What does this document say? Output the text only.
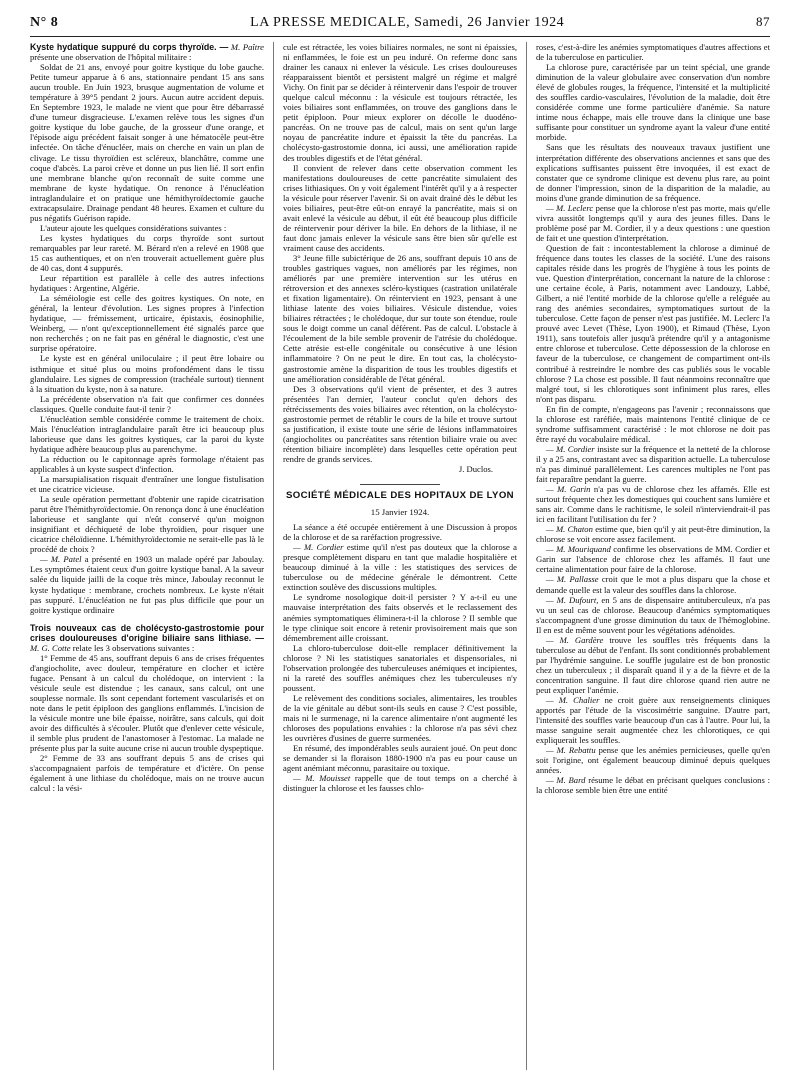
N° 8	LA PRESSE MEDICALE, Samedi, 26 Janvier 1924	87

Kyste hydatique suppuré du corps thyroïde. — M. Paître présente une observation de l'hôpital militaire :

Soldat de 21 ans, envoyé pour goitre kystique du lobe gauche. Petite tumeur apparue à 6 ans, stationnaire pendant 15 ans sans aucun trouble. En Juin 1923, brusque augmentation de volume et température à 39°5 pendant 2 jours. Aucun autre accident depuis. En Septembre 1923, le malade ne vient que pour être débarrassé d'une tumeur disgracieuse. L'examen relève tous les signes d'un goitre kystique du lobe gauche, de la grosseur d'une orange, et l'épisode aigu précédent faisait songer à une hématocèle peut-être infectée. On tâche d'énucléer, mais on cherche en vain un plan de clivage. Le tissu thyroïdien est scléreux, blanchâtre, comme une coque d'abcès. La paroi crève et donne un pus lien lié. Il sort enfin une membrane blanche qu'on reconnaît de suite comme une membrane de kyste hydatique. On renonce à l'énucléation intraglandulaire et on pratique une hémithyroïdectomie gauche extracapsulaire. Drainage pendant 48 heures. Examen et culture du pus négatifs Guérison rapide.

L'auteur ajoute les quelques considérations suivantes :

Les kystes hydatiques du corps thyroïde sont surtout remarquables par leur rareté. M. Bérard n'en a relevé en 1908 que 15 cas authentiques, et on n'en trouverait actuellement guère plus de 40 cas, dont 4 suppurés.

Leur répartition est parallèle à celle des autres infections hydatiques : Argentine, Algérie.

La séméiologie est celle des goitres kystiques. On note, en général, la lenteur d'évolution. Les signes propres à l'infection hydatique, — frémissement, urticaire, épistaxis, éosinophilie, Weinberg, — n'ont qu'exceptionnellement été signalés parce que non recherchés ; on ne fait pas en général le diagnostic, c'est une surprise opératoire.

Le kyste est en général uniloculaire ; il peut être lobaire ou isthmique et situé plus ou moins profondément dans le tissu glandulaire. Les signes de compression (trachéale surtout) tiennent à la situation du kyste, non à sa nature.

La précédente observation n'a fait que confirmer ces données classiques. Quelle conduite faut-il tenir ?

L'énucléation semble considérée comme le traitement de choix. Mais l'énucléation intraglandulaire paraît être ici beaucoup plus laborieuse que dans les goitres kystiques, car la paroi du kyste hydatique adhère beaucoup plus au parenchyme.

La réduction ou le capitonnage après formolage n'étaient pas applicables à un kyste suspect d'infection.

La marsupialisation risquait d'entraîner une longue fistulisation et une cicatrice vicieuse.

La seule opération permettant d'obtenir une rapide cicatrisation parut être l'hémithyroïdectomie. On renonça donc à une énucléation laborieuse et sanglante qui n'eût conservé qu'un moignon insignifiant et déchiqueté de lobe thyroïdien, pour risquer une cicatrice chéloïdienne. L'hémithyroïdectomie ne serait-elle pas là le procédé de choix ?

— M. Patel a présenté en 1903 un malade opéré par Jaboulay. Les symptômes étaient ceux d'un goitre kystique banal. A la saveur salée du liquide jailli de la coque très mince, Jaboulay reconnut le kyste hydatique : membrane, crochets nombreux. Le kyste n'était pas suppuré. L'énucléation ne fut pas plus difficile que pour un goitre kystique ordinaire

Trois nouveaux cas de cholécysto-gastrostomie pour crises douloureuses d'origine biliaire sans lithiase. — M. G. Cotte relate les 3 observations suivantes :

1° Femme de 45 ans, souffrant depuis 6 ans de crises fréquentes d'angiocholite, avec douleur, température en clocher et ictère fugace. Pensant à un calcul du cholédoque, on intervient : la vésicule seule est distendue ; les canaux, sans calcul, ont une souplesse normale. Ils sont cependant fortement vascularisés et on note dans le petit épiploon des ganglions enflammés. L'incision de la vésicule montre une bile épaisse, noirâtre, sans calculs, qui doit avoir des difficultés à s'écouler. Plutôt que d'enlever cette vésicule, il semble plus prudent de l'anastomoser à l'estomac. La malade ne présente plus par la suite aucune crise ni aucun trouble dyspeptique.

2° Femme de 33 ans souffrant depuis 5 ans de crises qui s'accompagnaient parfois de température et d'ictère. On pense également à une lithiase du cholédoque, mais on ne trouve aucun calcul : la vési-

cule est rétractée, les voies biliaires normales, ne sont ni épaissies, ni enflammées, le foie est un peu induré. On referme donc sans drainer les canaux ni enlever la vésicule. Les crises douloureuses réapparaissent bientôt et persistent malgré un régime et malgré Vichy. On finit par se décider à réintervenir dans l'espoir de trouver quelque calcul méconnu : la vésicule est toujours rétractée, les voies biliaires sont enflammées, on trouve des ganglions dans le petit épiploon. Pour mieux explorer on décolle le duodéno-pancréas. On ne trouve pas de calcul, mais on sent qu'un large noyau de pancréatite indure et épaissit la tête du pancréas. La cholécysto-gastrostomie donna, ici aussi, une amélioration rapide des troubles digestifs et de l'état général.

Il convient de relever dans cette observation comment les manifestations douloureuses de cette pancréatite simulaient des crises lithiasiques. On y voit également l'intérêt qu'il y a à respecter la vésicule pour réserver l'avenir. Si on avait drainé dès le début les voies biliaires, peut-être eût-on enrayé la pancréatite, mais si on avait enlevé la vésicule au début, il eût été beaucoup plus difficile de réintervenir pour dériver la bile. En dehors de la lithiase, il ne faut donc jamais enlever la vésicule sans être bien sûr qu'elle est vraiment cause des accidents.

3° Jeune fille subictérique de 26 ans, souffrant depuis 10 ans de troubles gastriques vagues, non améliorés par les régimes, non améliorés par une première intervention sur les utérus en rétroversion et des annexes scléro-kystiques (castration unilatérale et fixation ligamentaire). On réintervient en 1923, pensant à une lithiase latente des voies biliaires. Vésicule distendue, voies biliaires rétractées ; le cholédoque, dur sur toute son étendue, roule sous le doigt comme un canal déférent. Pas de calcul. L'obstacle à l'écoulement de la bile semble provenir de l'atrésie du cholédoque. Cette atrésie est-elle congénitale ou consécutive à une lésion inflammatoire ? On ne peut le dire. En tout cas, la cholécysto-gastrostomie amène la disparition de tous les troubles digestifs et une amélioration considérable de l'état général.

Des 3 observations qu'il vient de présenter, et des 3 autres présentées l'an dernier, l'auteur conclut qu'en dehors des rétrécissements des voies biliaires avec rétention, on la cholécysto-gastrostomie permet de rétablir le cours de la bile et trouve surtout sa justification, il existe toute une série de lésions inflammatoires (angiocholites ou pancréatites sans rétention biliaire vraie ou avec rétention biliaire incomplète) dans lesquelles cette opération peut rendre de grands services.

J. Duclos.

SOCIÉTÉ MÉDICALE DES HOPITAUX DE LYON
15 Janvier 1924.

La séance a été occupée entièrement à une Discussion à propos de la chlorose et de sa raréfaction progressive.

— M. Cordier estime qu'il n'est pas douteux que la chlorose a presque complètement disparu en tant que maladie hospitalière et beaucoup diminué à la ville : les statistiques des services de tuberculose ou de médecine générale le démontrent. Cette extinction soulève des discussions multiples.

Le syndrome nosologique doit-il persister ? Y a-t-il eu une mauvaise interprétation des faits observés et le reclassement des anémies symptomatiques éliminera-t-il la chlorose ? Il semble que le type clinique soit encore à retenir provisoirement mais que son démembrement aille croissant.

La chloro-tuberculose doit-elle remplacer définitivement la chlorose ? Ni les statistiques sanatoriales et dispensoriales, ni l'observation prolongée des tuberculeuses anémiques et incipientes, ni la rareté des souffles anémiques chez les tuberculeuses n'y poussent.

Le relèvement des conditions sociales, alimentaires, les troubles de la vie génitale au début sont-ils seuls en cause ? C'est possible, mais ni le surmenage, ni la carence alimentaire n'ont augmenté les chloroses des populations envahies : la chlorose n'a pas sévi chez les ouvrières d'usines de guerre surmenées.

En résumé, des impondérables seuls auraient joué. On peut donc se demander si la floraison 1880-1900 n'a pas eu pour cause un agent anémiant méconnu, parasitaire ou toxique.

— M. Mouisset rappelle que de tout temps on a cherché à distinguer la chlorose et les fausses chlo-

roses, c'est-à-dire les anémies symptomatiques d'autres affections et de la tuberculose en particulier.

La chlorose pure, caractérisée par un teint spécial, une grande diminution de la valeur globulaire avec conservation d'un nombre élevé de globules rouges, la fréquence, l'intensité et la multiplicité des souffles cardio-vasculaires, l'évolution de la maladie, doit être considérée comme une forme particulière d'anémie. Sa nature intime nous échappe, mais elle trouve dans la clinique une base suffisante pour constituer un syndrome ayant la valeur d'une entité morbide.

Sans que les résultats des nouveaux travaux justifient une interprétation différente des observations anciennes et sans que des explications suffisantes puissent être invoquées, il est exact de constater que ce syndrome clinique est devenu plus rare, au point de donner l'impression, sinon de la disparition de la maladie, au moins d'une grande diminution de sa fréquence.

— M. Leclerc pense que la chlorose n'est pas morte, mais qu'elle vivra aussitôt longtemps qu'il y aura des jeunes filles. Dans le problème posé par M. Cordier, il y a deux questions : une question de fait et une question d'interprétation.

Question de fait : incontestablement la chlorose a diminué de fréquence dans toutes les classes de la société. L'une des raisons capitales réside dans les progrès de l'hygiène à tous les points de vue. Question d'interprétation, concernant la nature de la chlorose : une certaine école, à Paris, notamment avec Landouzy, Labbé, Gilbert, a nié l'entité morbide de la chlorose qu'elle a reléguée au rang des anémies secondaires, symptomatiques surtout de la tuberculose. Cette façon de penser n'est pas justifiée. M. Leclerc l'a prouvé avec Levet (Thèse, Lyon 1900), et Rimaud (Thèse, Lyon 1911), sans toutefois aller jusqu'à prétendre qu'il y a antagonisme entre chlorose et tuberculose. Cette dépossession de la chlorose en faveur de la tuberculose, ce changement de compartiment ont-ils contribué à restreindre le nombre des cas publiés sous le vocable chlorose ? La chose est possible. Il faut néanmoins reconnaître que malgré tout, si les chlorotiques sont infiniment plus rares, elles n'ont pas disparu.

En fin de compte, n'engageons pas l'avenir ; reconnaissons que la chlorose est raréfiée, mais maintenons l'entité clinique de ce syndrome suffisamment caractérisé : le mot chlorose ne doit pas être rayé du vocabulaire médical.

— M. Cordier insiste sur la fréquence et la netteté de la chlorose il y a 25 ans, contrastant avec sa disparition actuelle. La tuberculose n'a pas diminué parallèlement. Les carences multiples ne l'ont pas fait reparaître pendant la guerre.

— M. Garin n'a pas vu de chlorose chez les affamés. Elle est surtout fréquente chez les domestiques qui couchent sans lumière et sans air. Comme dans le rachitisme, le soleil n'interviendrait-il pas ici en facilitant l'utilisation du fer ?

— M. Chaton estime que, bien qu'il y ait peut-être diminution, la chlorose se voit encore assez facilement.

— M. Mouriquand confirme les observations de MM. Cordier et Garin sur l'absence de chlorose chez les affamés. Il faut une certaine alimentation pour faire de la chlorose.

— M. Pallasse croit que le mot a plus disparu que la chose et demande quelle est la valeur des souffles dans la chlorose.

— M. Dufourt, en 5 ans de dispensaire antituberculeux, n'a pas vu un seul cas de chlorose. Beaucoup d'anémics symptomatiques s'accompagnent d'une grosse diminution du taux de l'hémoglobine. Il en est de même souvent pour les végétations adénoïdes.

— M. Gardère trouve les souffles très fréquents dans la tuberculose au début de l'enfant. Ils sont conditionnés probablement par l'hydrémie sanguine. Le souffle jugulaire est de bon pronostic chez un tuberculeux ; il disparaît quand il y a de la fièvre et de la concentration sanguine. Il faut dire chlorose quand rien autre ne peut expliquer l'anémie.

— M. Chalier ne croit guère aux renseignements cliniques apportés par l'étude de la viscosimétrie sanguine. D'autre part, l'intensité des souffles varie beaucoup d'un cas à l'autre. Pour lui, la masse sanguine serait augmentée chez les chlorotiques, ce qui expliquerait les souffles.

— M. Rebattu pense que les anémies pernicieuses, quelle qu'en soit l'origine, ont également beaucoup diminué depuis quelques années.

— M. Bard résume le débat en précisant quelques conclusions : la chlorose semble bien être une entité
